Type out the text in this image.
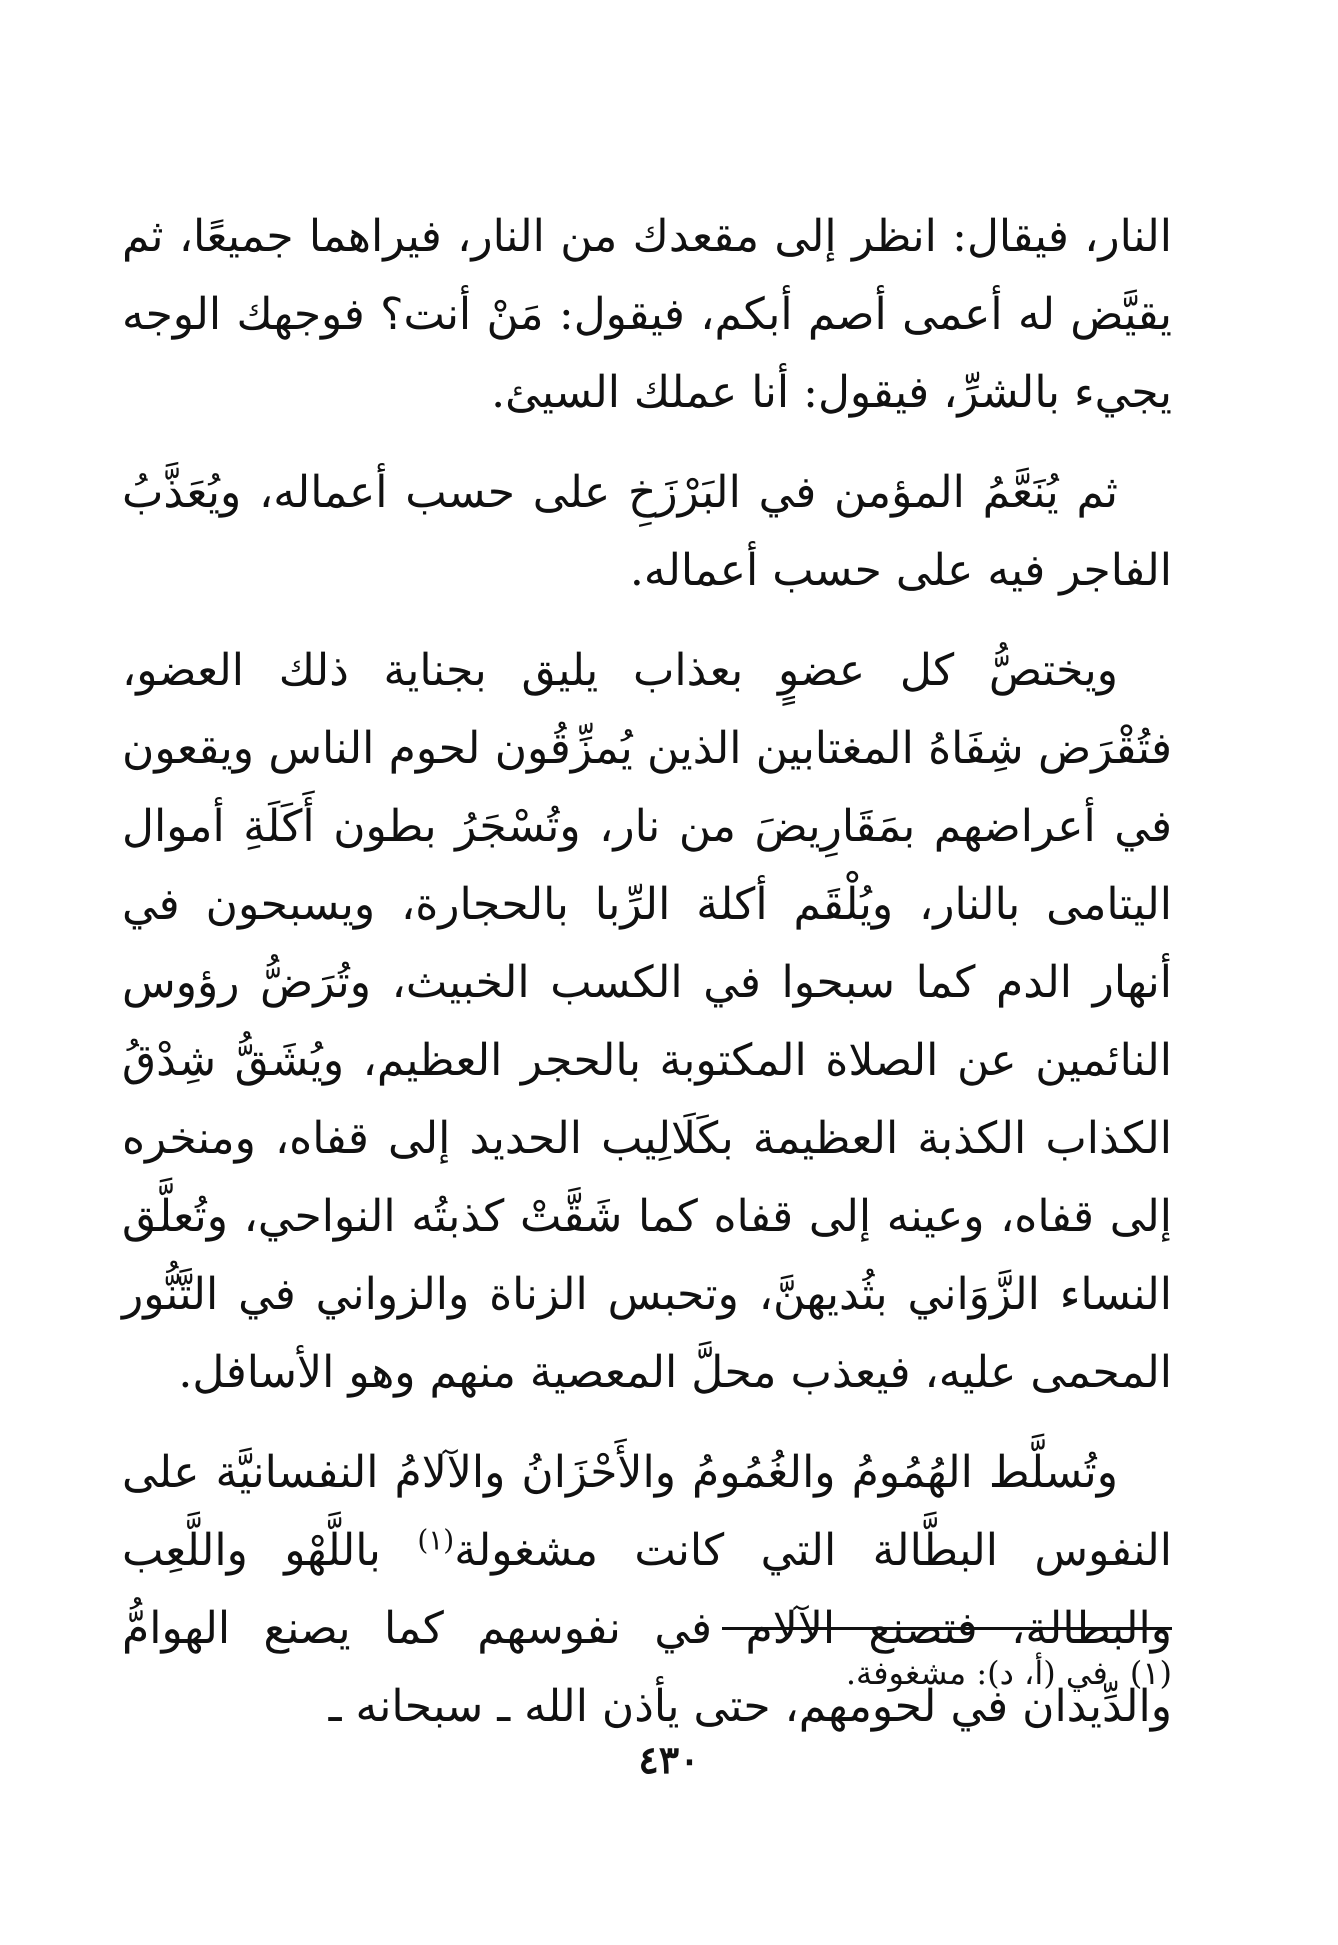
النار، فيقال: انظر إلى مقعدك من النار، فيراهما جميعًا، ثم يقيَّض له أعمى أصم أبكم، فيقول: مَنْ أنت؟ فوجهك الوجه يجيء بالشرِّ، فيقول: أنا عملك السيئ.

ثم يُنَعَّمُ المؤمن في البَرْزَخِ على حسب أعماله، ويُعَذَّبُ الفاجر فيه على حسب أعماله.

ويختصُّ كل عضوٍ بعذاب يليق بجناية ذلك العضو، فتُقْرَض شِفَاهُ المغتابين الذين يُمزِّقُون لحوم الناس ويقعون في أعراضهم بمَقَارِيضَ من نار، وتُسْجَرُ بطون أَكَلَةِ أموال اليتامى بالنار، ويُلْقَم أكلة الرِّبا بالحجارة، ويسبحون في أنهار الدم كما سبحوا في الكسب الخبيث، وتُرَضُّ رؤوس النائمين عن الصلاة المكتوبة بالحجر العظيم، ويُشَقُّ شِدْقُ الكذاب الكذبة العظيمة بكَلَالِيب الحديد إلى قفاه، ومنخره إلى قفاه، وعينه إلى قفاه كما شَقَّتْ كذبتُه النواحي، وتُعلَّق النساء الزَّوَاني بثُديهنَّ، وتحبس الزناة والزواني في التَّنُّور المحمى عليه، فيعذب محلَّ المعصية منهم وهو الأسافل.

وتُسلَّط الهُمُومُ والغُمُومُ والأَحْزَانُ والآلامُ النفسانيَّة على النفوس البطَّالة التي كانت مشغولة$^{(١)}$ باللَّهْو واللَّعِب والبطالة، فتصنع الآلام في نفوسهم كما يصنع الهوامُّ والدِّيدان في لحومهم، حتى يأذن الله ـ سبحانه ـ

(١)في (أ، د): مشغوفة.
٤٣٠
